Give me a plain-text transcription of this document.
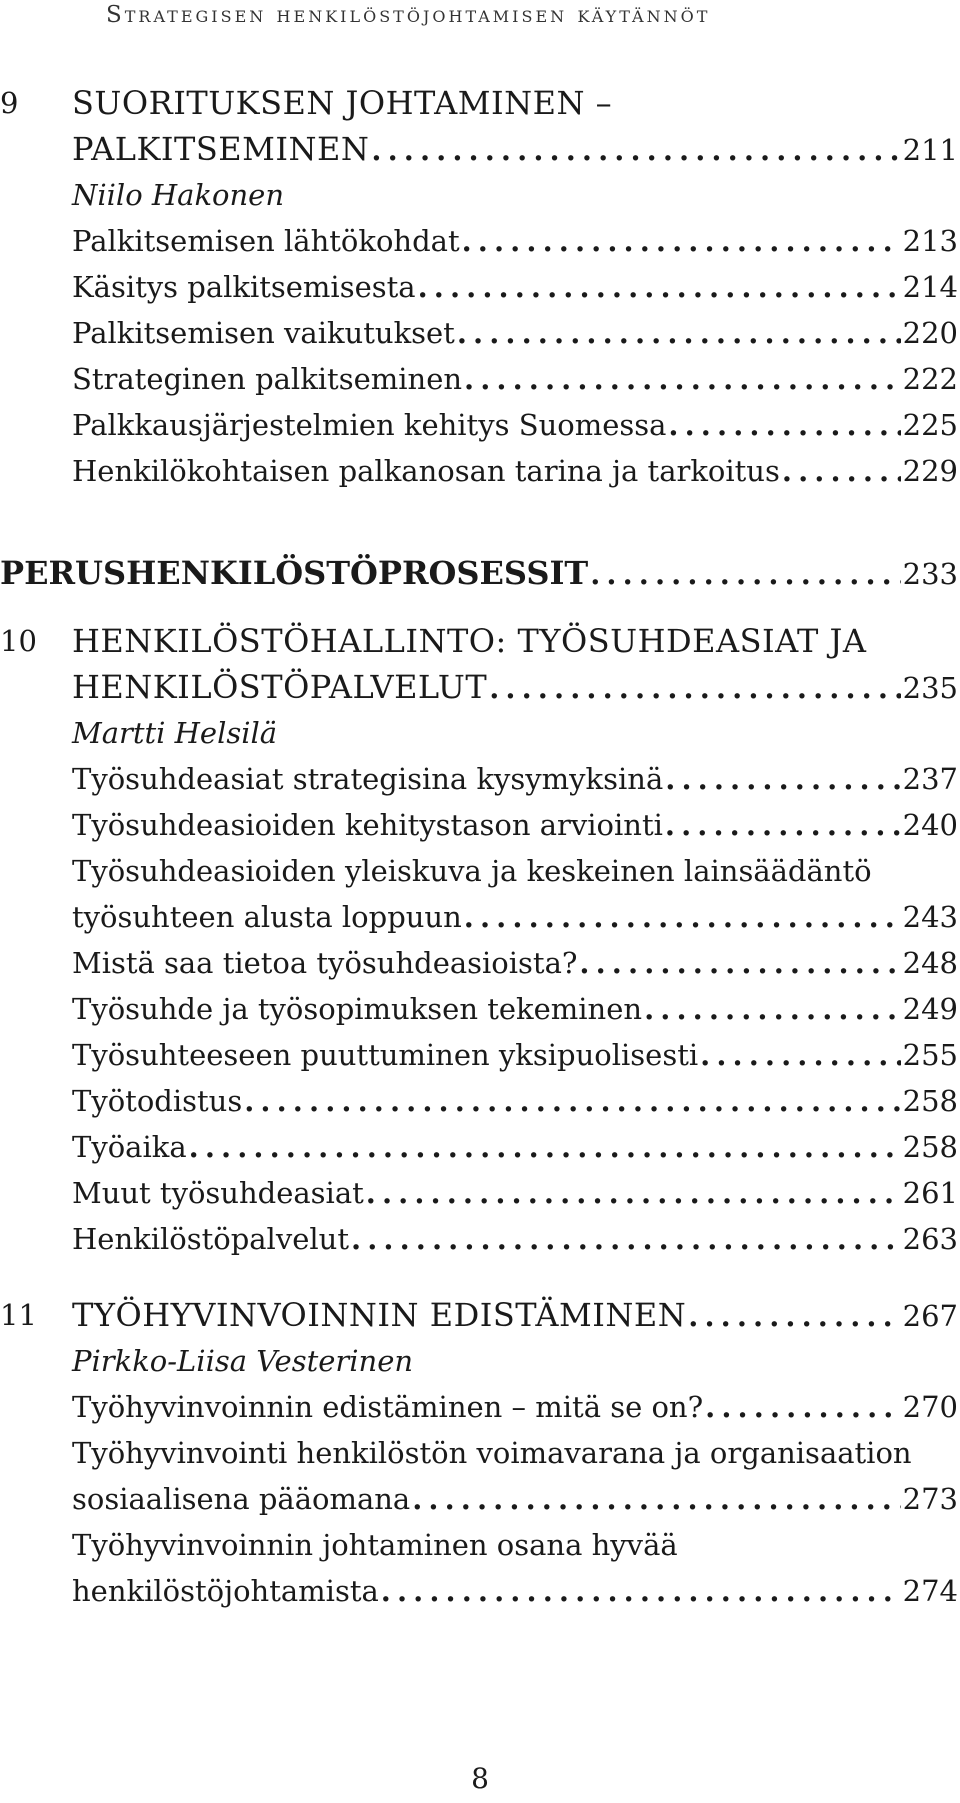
Strategisen henkilöstöjohtamisen käytännöt
9	SUORITUKSEN JOHTAMINEN –
PALKITSEMINEN . . .	211
Niilo Hakonen
Palkitsemisen lähtökohdat . . .	213
Käsitys palkitsemisesta . . .	214
Palkitsemisen vaikutukset . . .	220
Strateginen palkitseminen . . .	222
Palkkausjärjestelmien kehitys Suomessa . . .	225
Henkilökohtaisen palkanosan tarina ja tarkoitus . . .	229
PERUSHENKILÖSTÖPROSESSIT . . .	233
10	HENKILÖSTÖHALLINTO: TYÖSUHDEASIAT JA
HENKILÖSTÖPALVELUT . . .	235
Martti Helsilä
Työsuhdeasiat strategisina kysymyksinä . . .	237
Työsuhdeasioiden kehitystason arviointi . . .	240
Työsuhdeasioiden yleiskuva ja keskeinen lainsäädäntö
työsuhteen alusta loppuun . . .	243
Mistä saa tietoa työsuhdeasioista? . . .	248
Työsuhde ja työsopimuksen tekeminen . . .	249
Työsuhteeseen puuttuminen yksipuolisesti . . .	255
Työtodistus . . .	258
Työaika . . .	258
Muut työsuhdeasiat . . .	261
Henkilöstöpalvelut . . .	263
11	TYÖHYVINVOINNIN EDISTÄMINEN . . .	267
Pirkko-Liisa Vesterinen
Työhyvinvoinnin edistäminen – mitä se on? . . .	270
Työhyvinvointi henkilöstön voimavarana ja organisaation
sosiaalisena pääomana . . .	273
Työhyvinvoinnin johtaminen osana hyvää
henkilöstöjohtamista . . .	274
8
